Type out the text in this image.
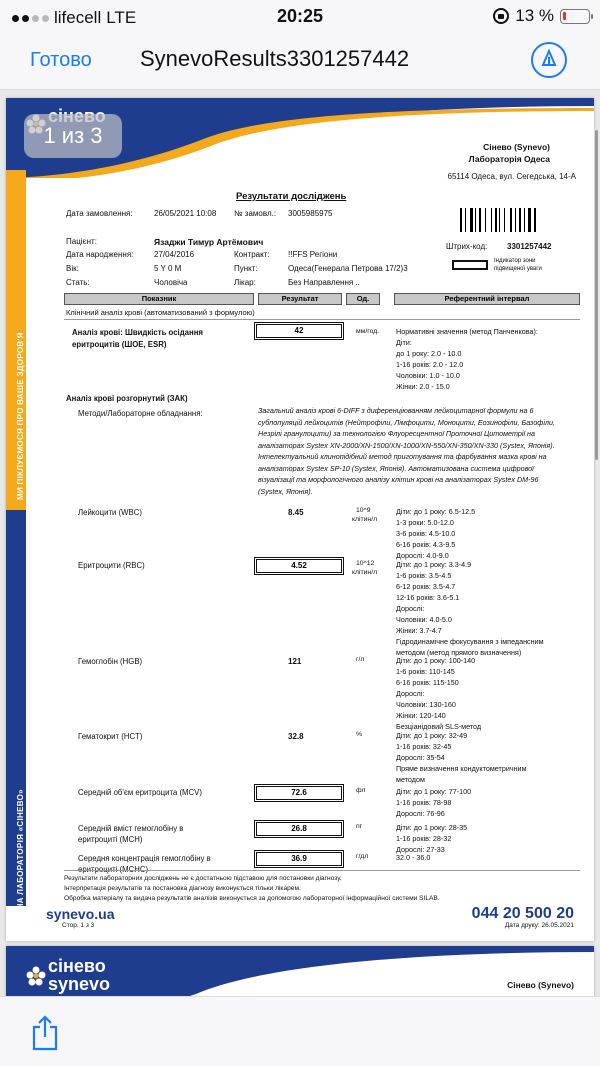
lifecell LTE	20:25	13 %
Готово SynevoResults3301257442
МИ ПІКЛУЄМОСЯ ПРО ВАШЕ ЗДОРОВ'Я
МЕДИЧНА ЛАБОРАТОРІЯ «СІНЕВО»
Сінево (Synevo)
Лабораторія Одеса
65114 Одеса, вул. Сегедська, 14-А
Результати досліджень
Дата замовлення:	26/05/2021 10:08 № замовл.: 3005985975
Штрих-код: 3301257442
Індикатор зони підвищеної уваги
Пацієнт:	Язаджи Тимур Артёмович
Дата народження:	27/04/2016	Контракт: !!FFS Регіони
Вік:	5 Y 0 M	Пункт:	Одеса(Генерала Петрова 17/2)3
Стать:	Чоловіча	Лікар:	Без Направлення ..
Показник	Результат	Од.	Референтний інтервал
Клінічний аналіз крові (автоматизований з формулою)
Аналіз крові: Швидкість осідання
еритроцитів (ШОЕ, ESR)
42	мм/год. Нормативні значення (метод Панченкова):
Діти:
до 1 року: 2.0 - 10.0
1-16 років: 2.0 - 12.0
Чоловіки: 1.0 - 10.0
Жінки: 2.0 - 15.0
Аналіз крові розгорнутий (ЗАК)
Методи/Лабораторне обладнання:	Загальний аналіз крові 6-DIFF з диференціюванням лейкоцитарної формули на 6 субпопуляцій лейкоцитів (Нейтрофіли, Лімфоцити, Моноцити, Еозинофіли, Базофіли, Незрілі гранулоцити) за технологією Флуоресцентної Проточної Цитометрії на аналізаторах Systex XN-2000/XN-1500/XN-1000/XN-550/XN-350/XN-330 (Systex, Японія). Інтелектуальний клинопідібний метод приготування та фарбування мазка крові на аналізаторах Systex SP-10 (Systex, Японія). Автоматизована система цифрової візуалізації та морфологічного аналізу клітин крові на аналізаторах Systex DM-96 (Systex, Японія).
Лейкоцити (WBC)	8.45	10^9
клітин/л
Діти: до 1 року: 6.5-12.5
1-3 роки: 5.0-12.0
3-6 років: 4.5-10.0
6-16 років: 4.3-9.5
Дорослі: 4.0-9.0
Еритроцити (RBC)	4.52	10^12
клітин/л
Діти: до 1 року: 3.3-4.9
1-6 років: 3.5-4.5
6-12 років: 3.5-4.7
12-16 років: 3.6-5.1
Дорослі:
Чоловіки: 4.0-5.0
Жінки: 3.7-4.7
Гідродинамічне фокусування з імпедансним
методом (метод прямого визначення)
Гемоглобін (HGB)	121	г/л	Діти: до 1 року: 100-140
1-6 років: 110-145
6-16 років: 115-150
Дорослі:
Чоловіки: 130-160
Жінки: 120-140
Безціанідовий SLS-метод
Гематокрит (HCT)	32.8	%	Діти: до 1 року: 32-49
1-16 років: 32-45
Дорослі: 35-54
Пряме визначення кондуктометричним
методом
Середній об'єм еритроцита (MCV)	72.6	фл	Діти: до 1 року: 77-100
1-16 років: 78-98
Дорослі: 76-96
Середній вміст гемоглобіну в
еритроциті (MCH)
26.8	пг	Діти: до 1 року: 28-35
1-16 років: 28-32
Дорослі: 27-33
Середня концентрація гемоглобіну в
еритроциті (MCHC)
36.9	г/дл	32.0 - 36.0
Результати лабораторних досліджень не є достатньою підставою для постановки діагнозу.
Інтерпретація результатів та постановка діагнозу виконується тільки лікарем.
Обробка матеріалу та видача результатів аналізів виконується за допомогою лабораторної інформаційної системи SILAB.
synevo.ua
Стор. 1 з 3
044 20 500 20
Дата друку: 26.05.2021
1 из 3
сінево
synevo	Сінево (Synevo)
